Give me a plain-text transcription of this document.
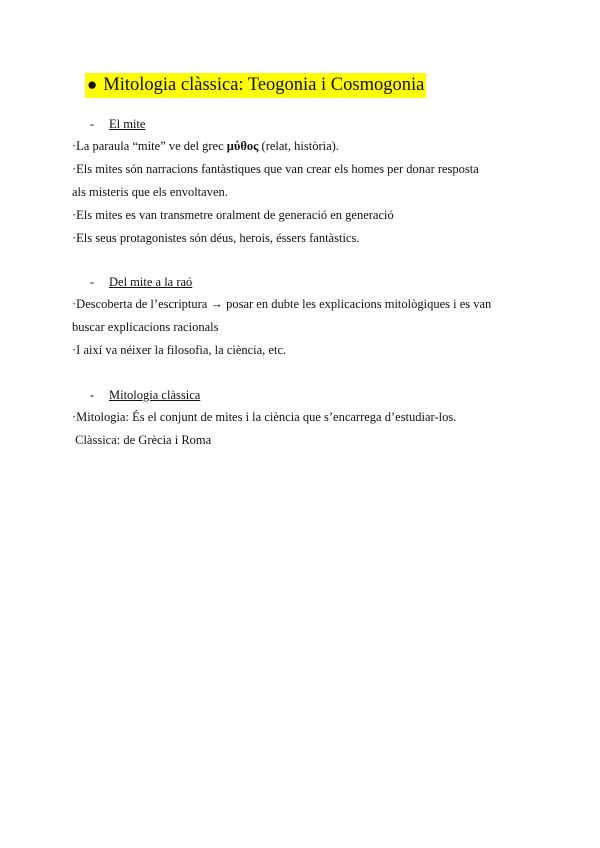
● Mitologia clàssica: Teogonia i Cosmogonia
- El mite
·La paraula “mite” ve del grec μύθος (relat, història).
·Els mites són narracions fantàstiques que van crear els homes per donar resposta
als misteris que els envoltaven.
·Els mites es van transmetre oralment de generació en generació
·Els seus protagonistes són déus, herois, éssers fantàstics.
- Del mite a la raó
·Descoberta de l’escriptura → posar en dubte les explicacions mitològiques i es van
buscar explicacions racionals
·I així va néixer la filosofia, la ciència, etc.
- Mitologia clàssica
·Mitologia: És el conjunt de mites i la ciència que s’encarrega d’estudiar-los.
Clàssica: de Grècia i Roma
